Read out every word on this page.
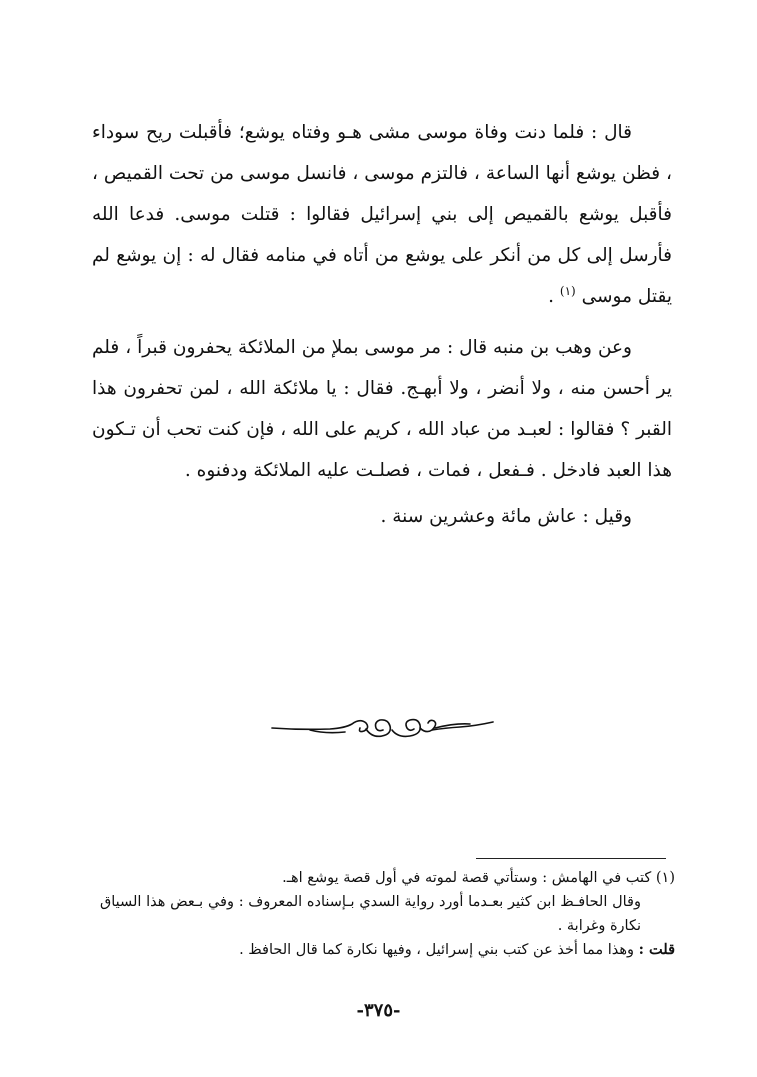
قال : فلما دنت وفاة موسى مشى هـو وفتاه يوشع؛ فأقبلت ريح سوداء ، فظن يوشع أنها الساعة ، فالتزم موسى ، فانسل موسى من تحت القميص ، فأقبل يوشع بالقميص إلى بني إسرائيل فقالوا : قتلت موسى. فدعا الله فأرسل إلى كل من أنكر على يوشع من أتاه في منامه فقال له : إن يوشع لم يقتل موسى $^{(١)}$ .

وعن وهب بن منبه قال : مر موسى بملإ من الملائكة يحفرون قبراً ، فلم ير أحسن منه ، ولا أنضر ، ولا أبهـج. فقال : يا ملائكة الله ، لمن تحفرون هذا القبر ؟ فقالوا : لعبـد من عباد الله ، كريم على الله ، فإن كنت تحب أن تـكون هذا العبد فادخل . فـفعل ، فمات ، فصلـت عليه الملائكة ودفنوه .

وقيل : عاش مائة وعشرين سنة .

(١) كتب في الهامش : وستأتي قصة لموته في أول قصة يوشع اهـ.

وقال الحافـظ ابن كثير بعـدما أورد رواية السدي بـإسناده المعروف : وفي بـعض هذا السياق نكارة وغرابة .

قلت : وهذا مما أخذ عن كتب بني إسرائيل ، وفيها نكارة كما قال الحافظ .

-٣٧٥-
